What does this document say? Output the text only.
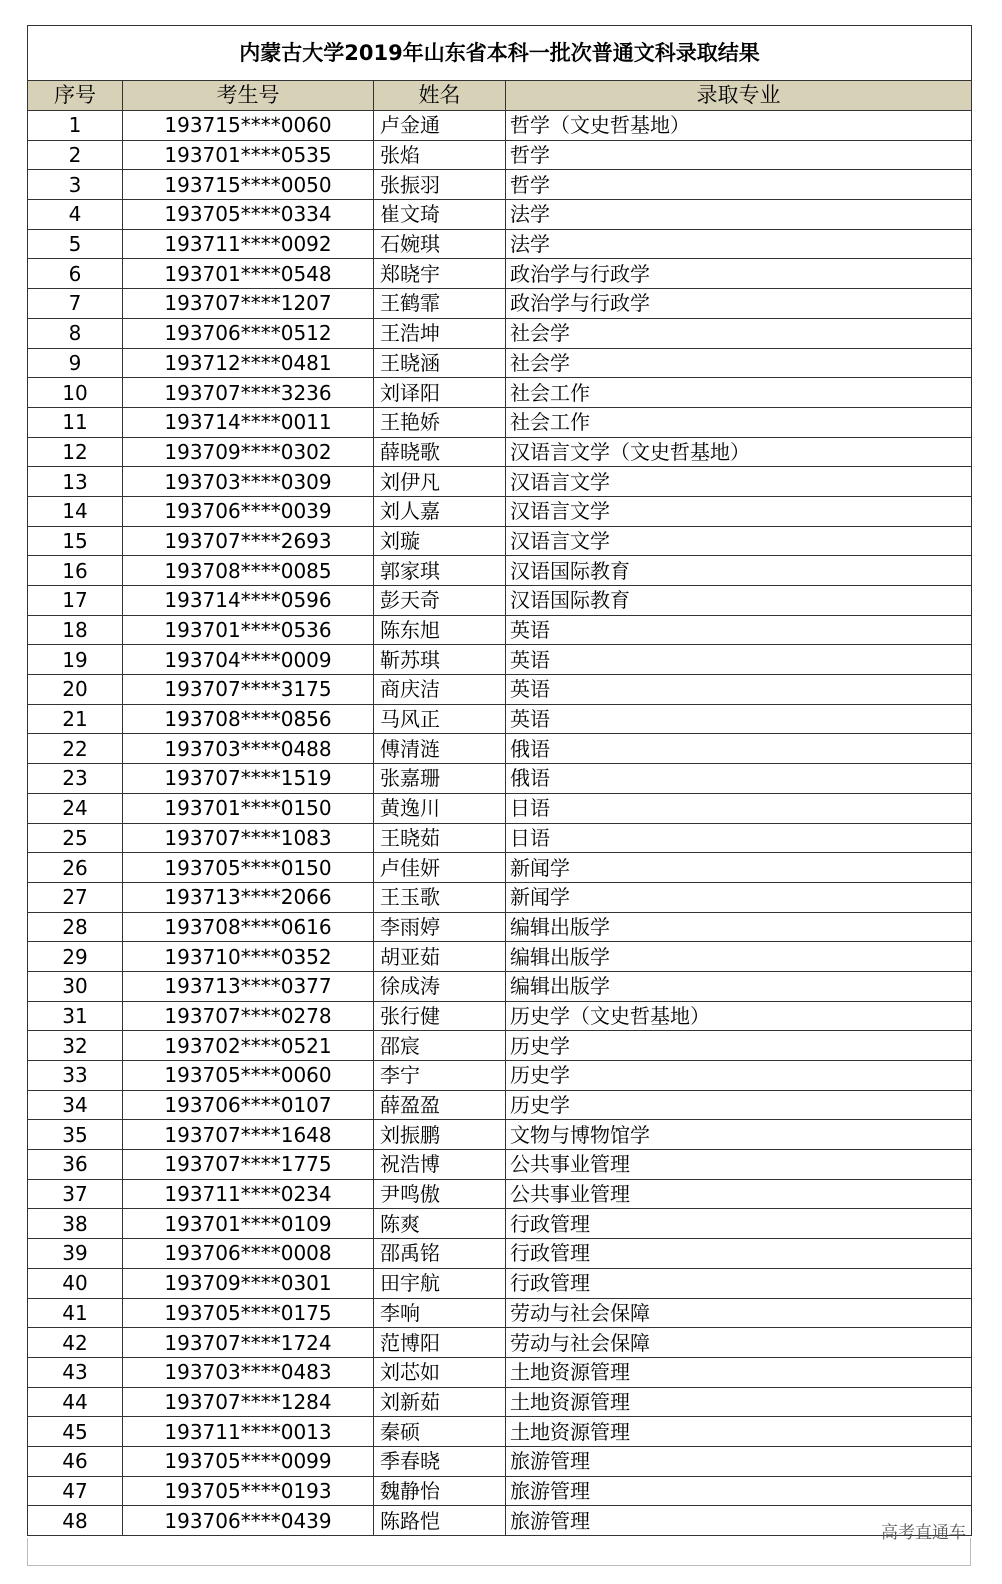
内蒙古大学2019年山东省本科一批次普通文科录取结果			
序号	考生号	姓名	录取专业
1	193715****0060	卢金通	哲学（文史哲基地）
2	193701****0535	张焰	哲学
3	193715****0050	张振羽	哲学
4	193705****0334	崔文琦	法学
5	193711****0092	石婉琪	法学
6	193701****0548	郑晓宇	政治学与行政学
7	193707****1207	王鹤霏	政治学与行政学
8	193706****0512	王浩坤	社会学
9	193712****0481	王晓涵	社会学
10	193707****3236	刘译阳	社会工作
11	193714****0011	王艳娇	社会工作
12	193709****0302	薛晓歌	汉语言文学（文史哲基地）
13	193703****0309	刘伊凡	汉语言文学
14	193706****0039	刘人嘉	汉语言文学
15	193707****2693	刘璇	汉语言文学
16	193708****0085	郭家琪	汉语国际教育
17	193714****0596	彭天奇	汉语国际教育
18	193701****0536	陈东旭	英语
19	193704****0009	靳苏琪	英语
20	193707****3175	商庆洁	英语
21	193708****0856	马风正	英语
22	193703****0488	傅清涟	俄语
23	193707****1519	张嘉珊	俄语
24	193701****0150	黄逸川	日语
25	193707****1083	王晓茹	日语
26	193705****0150	卢佳妍	新闻学
27	193713****2066	王玉歌	新闻学
28	193708****0616	李雨婷	编辑出版学
29	193710****0352	胡亚茹	编辑出版学
30	193713****0377	徐成涛	编辑出版学
31	193707****0278	张行健	历史学（文史哲基地）
32	193702****0521	邵宸	历史学
33	193705****0060	李宁	历史学
34	193706****0107	薛盈盈	历史学
35	193707****1648	刘振鹏	文物与博物馆学
36	193707****1775	祝浩博	公共事业管理
37	193711****0234	尹鸣傲	公共事业管理
38	193701****0109	陈爽	行政管理
39	193706****0008	邵禹铭	行政管理
40	193709****0301	田宇航	行政管理
41	193705****0175	李响	劳动与社会保障
42	193707****1724	范博阳	劳动与社会保障
43	193703****0483	刘芯如	土地资源管理
44	193707****1284	刘新茹	土地资源管理
45	193711****0013	秦硕	土地资源管理
46	193705****0099	季春晓	旅游管理
47	193705****0193	魏静怡	旅游管理
48	193706****0439	陈路恺	旅游管理
高考直通车
